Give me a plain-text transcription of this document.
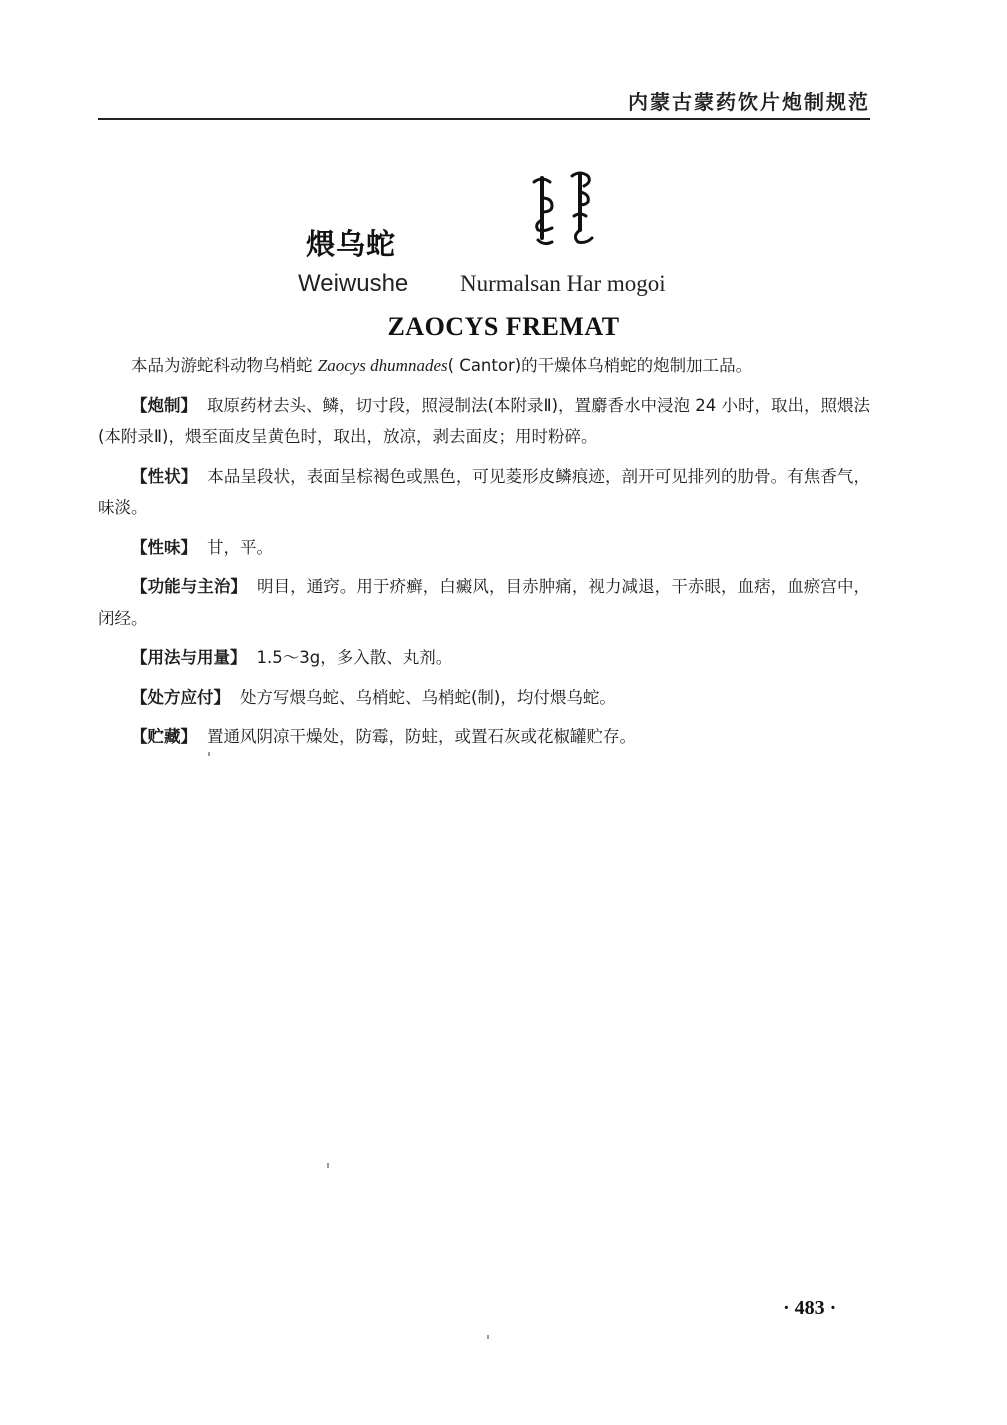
内蒙古蒙药饮片炮制规范
煨乌蛇
Weiwushe Nurmalsan Har mogoi
ZAOCYS FREMAT

本品为游蛇科动物乌梢蛇 Zaocys dhumnades( Cantor)的干燥体乌梢蛇的炮制加工品。

【炮制】 取原药材去头、鳞，切寸段，照浸制法(本附录Ⅱ)，置麝香水中浸泡 24 小时，取出，照煨法(本附录Ⅱ)，煨至面皮呈黄色时，取出，放凉，剥去面皮；用时粉碎。

【性状】 本品呈段状，表面呈棕褐色或黑色，可见菱形皮鳞痕迹，剖开可见排列的肋骨。有焦香气，味淡。

【性味】 甘，平。

【功能与主治】 明目，通窍。用于疥癣，白癜风，目赤肿痛，视力减退，干赤眼，血痞，血瘀宫中，闭经。

【用法与用量】 1.5～3g，多入散、丸剂。

【处方应付】 处方写煨乌蛇、乌梢蛇、乌梢蛇(制)，均付煨乌蛇。

【贮藏】 置通风阴凉干燥处，防霉，防蛀，或置石灰或花椒罐贮存。

· 483 ·
